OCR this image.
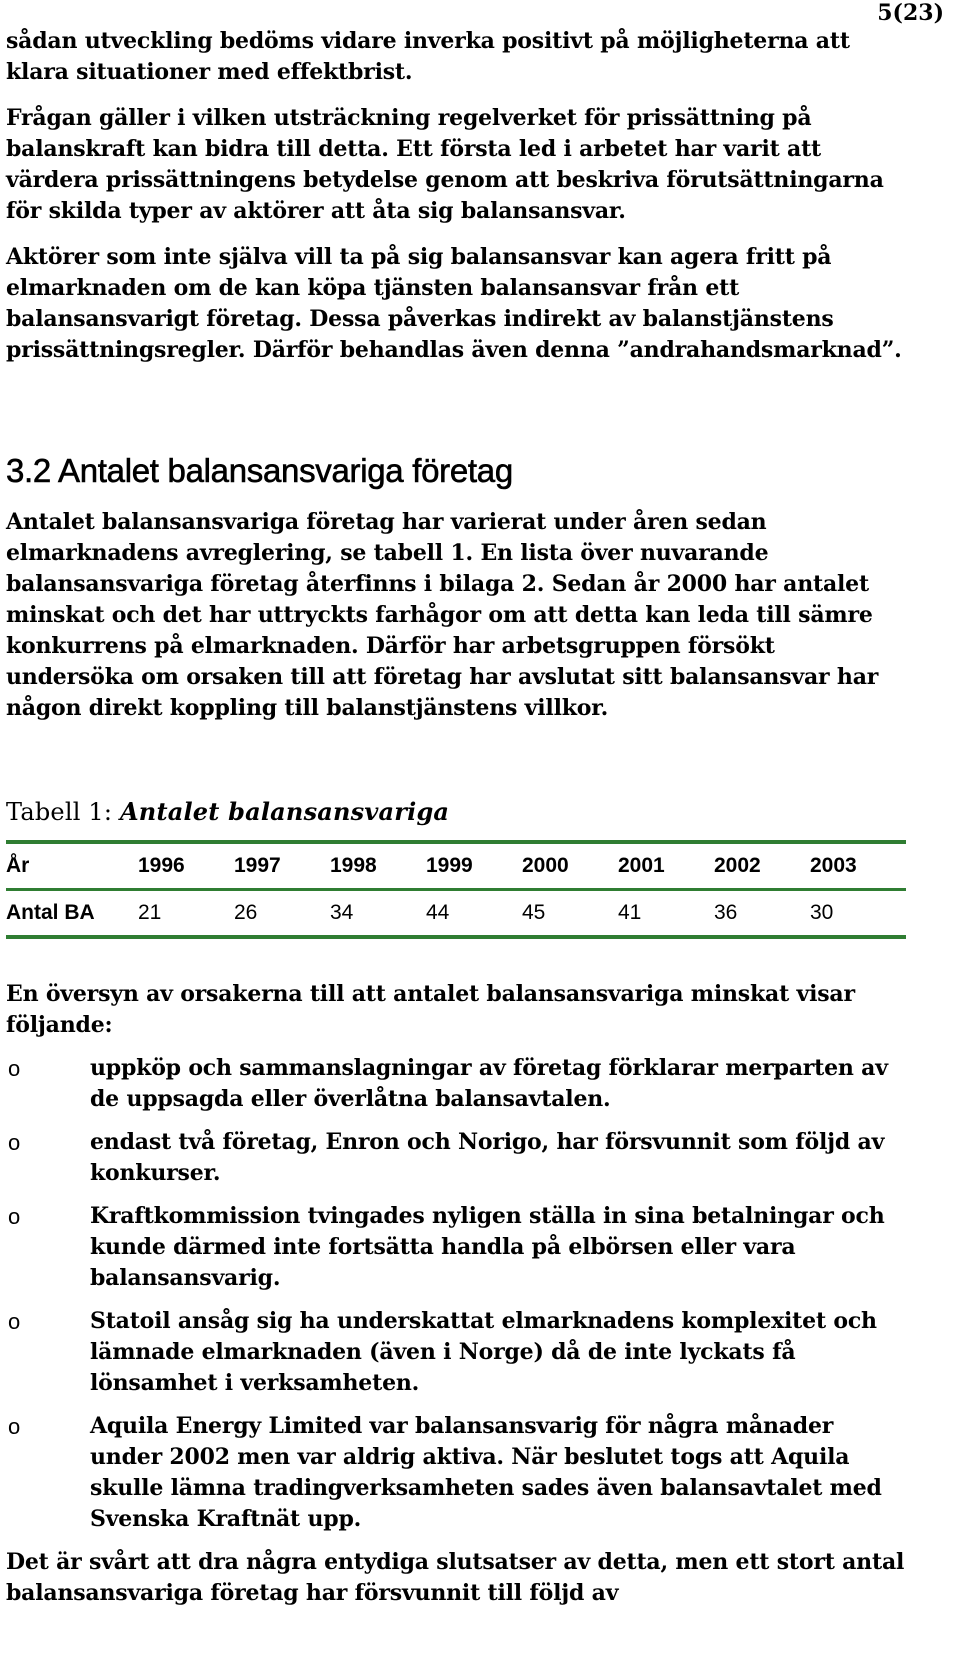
5(23)

sådan utveckling bedöms vidare inverka positivt på möjligheterna att klara situationer med effektbrist.

Frågan gäller i vilken utsträckning regelverket för prissättning på balanskraft kan bidra till detta. Ett första led i arbetet har varit att värdera prissättningens betydelse genom att beskriva förutsättningarna för skilda typer av aktörer att åta sig balansansvar.

Aktörer som inte själva vill ta på sig balansansvar kan agera fritt på elmarknaden om de kan köpa tjänsten balansansvar från ett balansansvarigt företag. Dessa påverkas indirekt av balanstjänstens prissättningsregler. Därför behandlas även denna ”andrahandsmarknad”.

3.2 Antalet balansansvariga företag

Antalet balansansvariga företag har varierat under åren sedan elmarknadens avreglering, se tabell 1. En lista över nuvarande balansansvariga företag återfinns i bilaga 2. Sedan år 2000 har antalet minskat och det har uttryckts farhågor om att detta kan leda till sämre konkurrens på elmarknaden. Därför har arbetsgruppen försökt undersöka om orsaken till att företag har avslutat sitt balansansvar har någon direkt koppling till balanstjänstens villkor.

Tabell 1: Antalet balansansvariga
År	1996	1997	1998	1999	2000	2001	2002	2003
Antal BA	21	26	34	44	45	41	36	30

En översyn av orsakerna till att antalet balansansvariga minskat visar följande:

o	uppköp och sammanslagningar av företag förklarar merparten av de uppsagda eller överlåtna balansavtalen.
o	endast två företag, Enron och Norigo, har försvunnit som följd av konkurser.
o	Kraftkommission tvingades nyligen ställa in sina betalningar och kunde därmed inte fortsätta handla på elbörsen eller vara balansansvarig.
o	Statoil ansåg sig ha underskattat elmarknadens komplexitet och lämnade elmarknaden (även i Norge) då de inte lyckats få lönsamhet i verksamheten.
o	Aquila Energy Limited var balansansvarig för några månader under 2002 men var aldrig aktiva. När beslutet togs att Aquila skulle lämna tradingverksamheten sades även balansavtalet med Svenska Kraftnät upp.

Det är svårt att dra några entydiga slutsatser av detta, men ett stort antal balansansvariga företag har försvunnit till följd av
